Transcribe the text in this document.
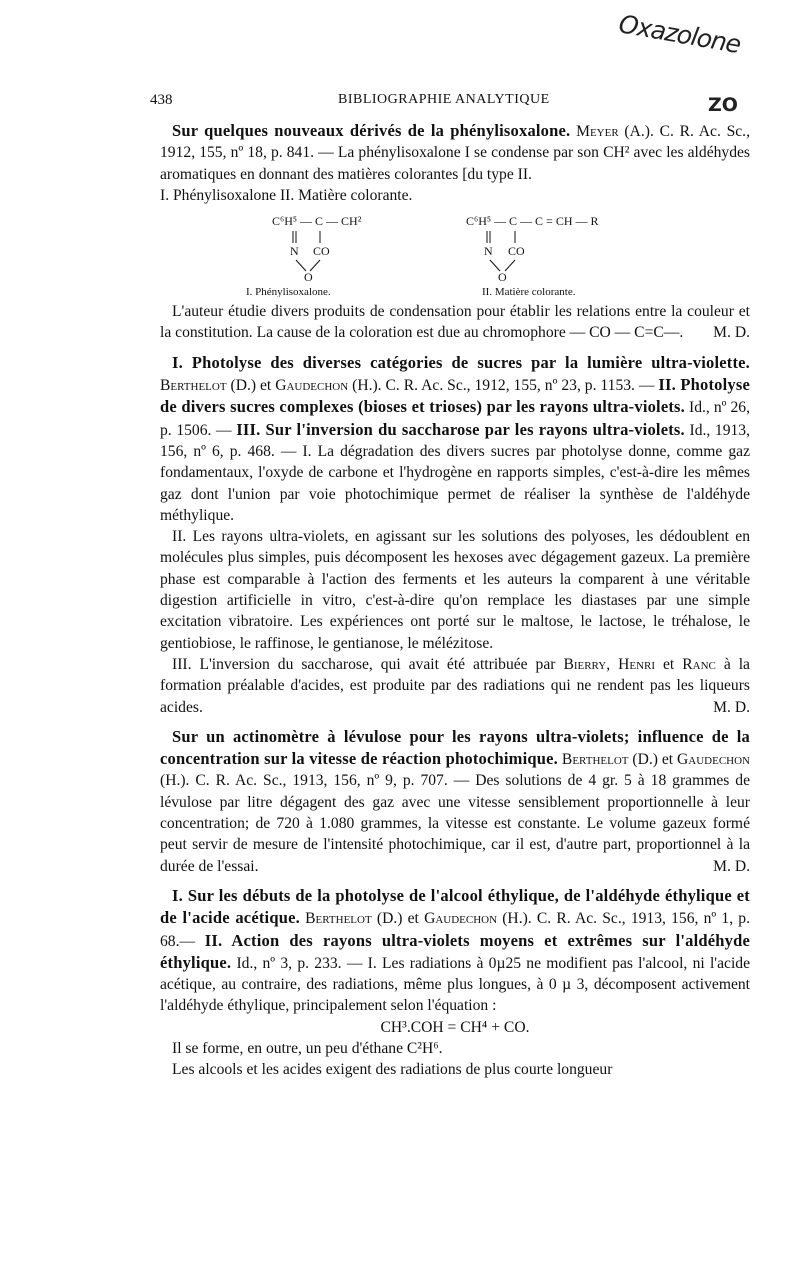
Oxazolone
ZO
438	BIBLIOGRAPHIE ANALYTIQUE

Sur quelques nouveaux dérivés de la phénylisoxalone. Meyer (A.). C. R. Ac. Sc., 1912, 155, nº 18, p. 841. — La phénylisoxalone I se condense par son CH² avec les aldéhydes aromatiques en donnant des matières colorantes [du type II.

I. Phénylisoxalone II. Matière colorante.

C⁶H⁵ — C — CH²
N CO
O
I. Phénylisoxalone.
C⁶H⁵ — C — C = CH — R
N CO
O
II. Matière colorante.

L'auteur étudie divers produits de condensation pour établir les relations entre la couleur et la constitution. La cause de la coloration est due au chromophore — CO — C=C—.	M. D.

I. Photolyse des diverses catégories de sucres par la lumière ultra-violette. Berthelot (D.) et Gaudechon (H.). C. R. Ac. Sc., 1912, 155, nº 23, p. 1153. — II. Photolyse de divers sucres complexes (bioses et trioses) par les rayons ultra-violets. Id., nº 26, p. 1506. — III. Sur l'inversion du saccharose par les rayons ultra-violets. Id., 1913, 156, nº 6, p. 468. — I. La dégradation des divers sucres par photolyse donne, comme gaz fondamentaux, l'oxyde de carbone et l'hydrogène en rapports simples, c'est-à-dire les mêmes gaz dont l'union par voie photochimique permet de réaliser la synthèse de l'aldéhyde méthylique.

II. Les rayons ultra-violets, en agissant sur les solutions des polyoses, les dédoublent en molécules plus simples, puis décomposent les hexoses avec dégagement gazeux. La première phase est comparable à l'action des ferments et les auteurs la comparent à une véritable digestion artificielle in vitro, c'est-à-dire qu'on remplace les diastases par une simple excitation vibratoire. Les expériences ont porté sur le maltose, le lactose, le tréhalose, le gentiobiose, le raffinose, le gentianose, le mélézitose.

III. L'inversion du saccharose, qui avait été attribuée par Bierry, Henri et Ranc à la formation préalable d'acides, est produite par des radiations qui ne rendent pas les liqueurs acides.	M. D.

Sur un actinomètre à lévulose pour les rayons ultra-violets; influence de la concentration sur la vitesse de réaction photochimique. Berthelot (D.) et Gaudechon (H.). C. R. Ac. Sc., 1913, 156, nº 9, p. 707. — Des solutions de 4 gr. 5 à 18 grammes de lévulose par litre dégagent des gaz avec une vitesse sensiblement proportionnelle à leur concentration; de 720 à 1.080 grammes, la vitesse est constante. Le volume gazeux formé peut servir de mesure de l'intensité photochimique, car il est, d'autre part, proportionnel à la durée de l'essai.	M. D.

I. Sur les débuts de la photolyse de l'alcool éthylique, de l'aldéhyde éthylique et de l'acide acétique. Berthelot (D.) et Gaudechon (H.). C. R. Ac. Sc., 1913, 156, nº 1, p. 68.— II. Action des rayons ultra-violets moyens et extrêmes sur l'aldéhyde éthylique. Id., nº 3, p. 233. — I. Les radiations à 0µ25 ne modifient pas l'alcool, ni l'acide acétique, au contraire, des radiations, même plus longues, à 0 µ 3, décomposent activement l'aldéhyde éthylique, principalement selon l'équation :

CH³.COH = CH⁴ + CO.

Il se forme, en outre, un peu d'éthane C²H⁶.

Les alcools et les acides exigent des radiations de plus courte longueur
